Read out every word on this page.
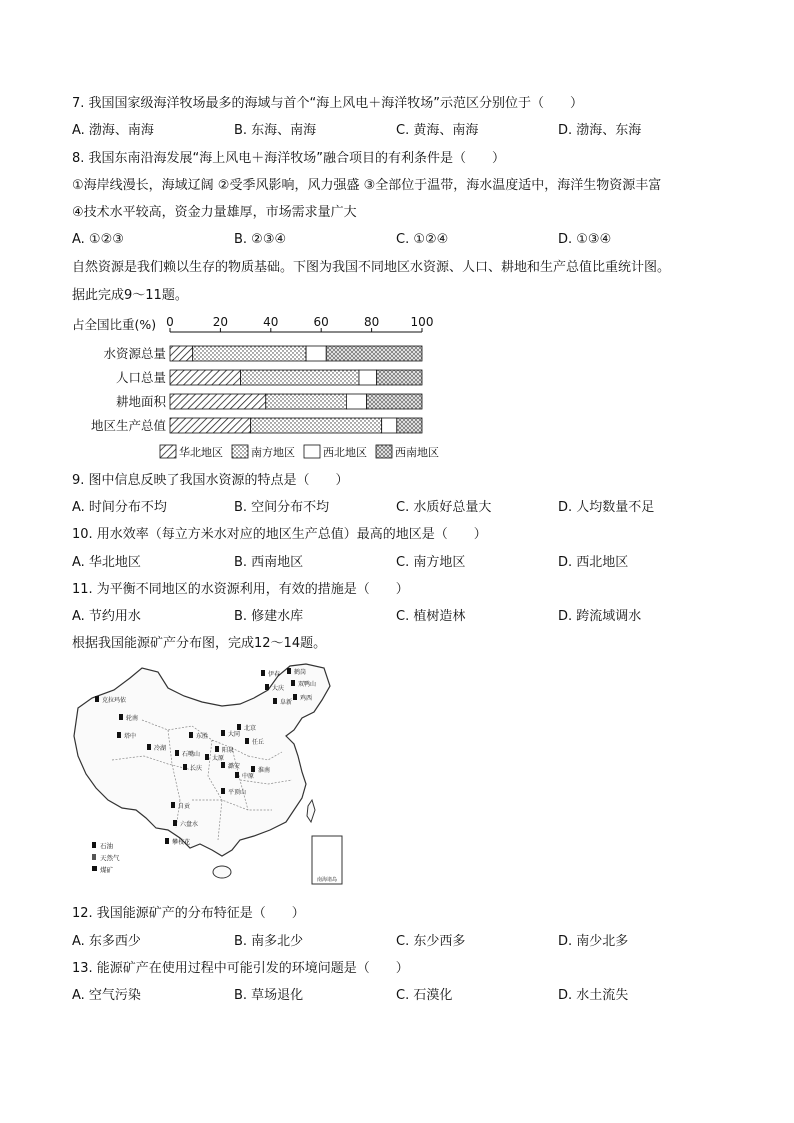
7. 我国国家级海洋牧场最多的海域与首个“海上风电＋海洋牧场”示范区分别位于（　　）
A. 渤海、南海	B. 东海、南海	C. 黄海、南海	D. 渤海、东海
8. 我国东南沿海发展“海上风电＋海洋牧场”融合项目的有利条件是（　　）
①海岸线漫长，海域辽阔 ②受季风影响，风力强盛 ③全部位于温带，海水温度适中，海洋生物资源丰富
④技术水平较高，资金力量雄厚，市场需求量广大
A. ①②③	B. ②③④	C. ①②④	D. ①③④
自然资源是我们赖以生存的物质基础。下图为我国不同地区水资源、人口、耕地和生产总值比重统计图。
据此完成9～11题。
占全国比重(%) 0	20	40	60	80	100
水资源总量
人口总量
耕地面积
地区生产总值
华北地区	南方地区	西北地区	西南地区
9. 图中信息反映了我国水资源的特点是（　　）
A. 时间分布不均	B. 空间分布不均	C. 水质好总量大	D. 人均数量不足
10. 用水效率（每立方米水对应的地区生产总值）最高的地区是（　　）
A. 华北地区	B. 西南地区	C. 南方地区	D. 西北地区
11. 为平衡不同地区的水资源利用，有效的措施是（　　）
A. 节约用水	B. 修建水库	C. 植树造林	D. 跨流域调水
根据我国能源矿产分布图，完成12～14题。
伊春 鹤岗
大庆
双鸭山
阜新
鸡西
克拉玛依
轮南
塔中
冷湖
东胜	大同
北京
任丘
石嘴山
长庆
阳泉
太原
淮南
潞安
中原
平顶山
自贡
六盘水
攀枝花
南海诸岛
石油
天然气
煤矿
12. 我国能源矿产的分布特征是（　　）
A. 东多西少	B. 南多北少	C. 东少西多	D. 南少北多
13. 能源矿产在使用过程中可能引发的环境问题是（　　）
A. 空气污染	B. 草场退化	C. 石漠化	D. 水土流失
